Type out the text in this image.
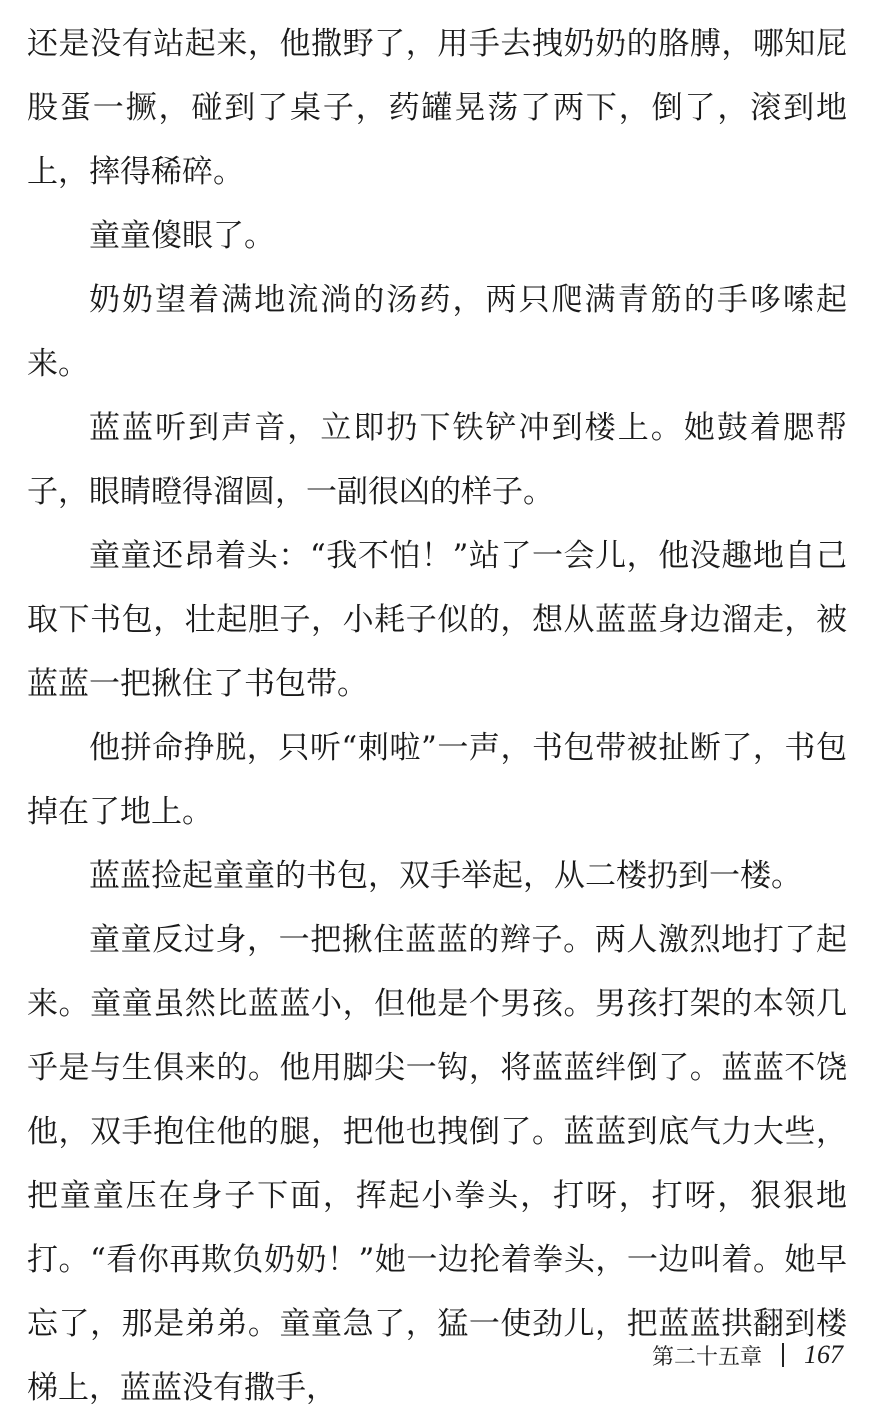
还是没有站起来，他撒野了，用手去拽奶奶的胳膊，哪知屁股蛋一撅，碰到了桌子，药罐晃荡了两下，倒了，滚到地上，摔得稀碎。

童童傻眼了。

奶奶望着满地流淌的汤药，两只爬满青筋的手哆嗦起来。

蓝蓝听到声音，立即扔下铁铲冲到楼上。她鼓着腮帮子，眼睛瞪得溜圆，一副很凶的样子。

童童还昂着头：“我不怕！”站了一会儿，他没趣地自己取下书包，壮起胆子，小耗子似的，想从蓝蓝身边溜走，被蓝蓝一把揪住了书包带。

他拼命挣脱，只听“刺啦”一声，书包带被扯断了，书包掉在了地上。

蓝蓝捡起童童的书包，双手举起，从二楼扔到一楼。

童童反过身，一把揪住蓝蓝的辫子。两人激烈地打了起来。童童虽然比蓝蓝小，但他是个男孩。男孩打架的本领几乎是与生俱来的。他用脚尖一钩，将蓝蓝绊倒了。蓝蓝不饶他，双手抱住他的腿，把他也拽倒了。蓝蓝到底气力大些，把童童压在身子下面，挥起小拳头，打呀，打呀，狠狠地打。“看你再欺负奶奶！”她一边抡着拳头，一边叫着。她早忘了，那是弟弟。童童急了，猛一使劲儿，把蓝蓝拱翻到楼梯上，蓝蓝没有撒手，

第二十五章 167
